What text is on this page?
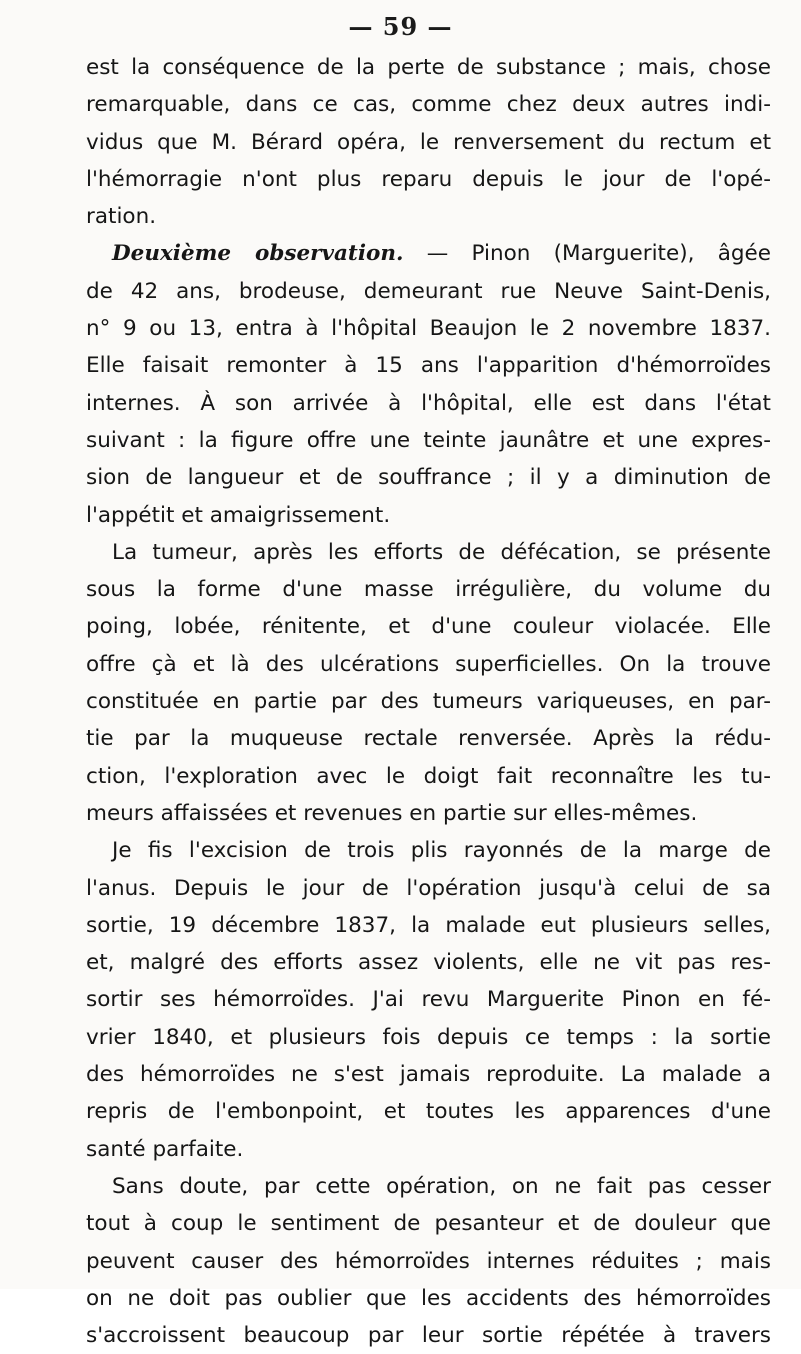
— 59 —
est la conséquence de la perte de substance ; mais, chose
remarquable, dans ce cas, comme chez deux autres indi-
vidus que M. Bérard opéra, le renversement du rectum et
l'hémorragie n'ont plus reparu depuis le jour de l'opé-
ration.
Deuxième observation. — Pinon (Marguerite), âgée
de 42 ans, brodeuse, demeurant rue Neuve Saint-Denis,
n° 9 ou 13, entra à l'hôpital Beaujon le 2 novembre 1837.
Elle faisait remonter à 15 ans l'apparition d'hémorroïdes
internes. À son arrivée à l'hôpital, elle est dans l'état
suivant : la figure offre une teinte jaunâtre et une expres-
sion de langueur et de souffrance ; il y a diminution de
l'appétit et amaigrissement.
La tumeur, après les efforts de défécation, se présente
sous la forme d'une masse irrégulière, du volume du
poing, lobée, rénitente, et d'une couleur violacée. Elle
offre çà et là des ulcérations superficielles. On la trouve
constituée en partie par des tumeurs variqueuses, en par-
tie par la muqueuse rectale renversée. Après la rédu-
ction, l'exploration avec le doigt fait reconnaître les tu-
meurs affaissées et revenues en partie sur elles-mêmes.
Je fis l'excision de trois plis rayonnés de la marge de
l'anus. Depuis le jour de l'opération jusqu'à celui de sa
sortie, 19 décembre 1837, la malade eut plusieurs selles,
et, malgré des efforts assez violents, elle ne vit pas res-
sortir ses hémorroïdes. J'ai revu Marguerite Pinon en fé-
vrier 1840, et plusieurs fois depuis ce temps : la sortie
des hémorroïdes ne s'est jamais reproduite. La malade a
repris de l'embonpoint, et toutes les apparences d'une
santé parfaite.
Sans doute, par cette opération, on ne fait pas cesser
tout à coup le sentiment de pesanteur et de douleur que
peuvent causer des hémorroïdes internes réduites ; mais
on ne doit pas oublier que les accidents des hémorroïdes
s'accroissent beaucoup par leur sortie répétée à travers
